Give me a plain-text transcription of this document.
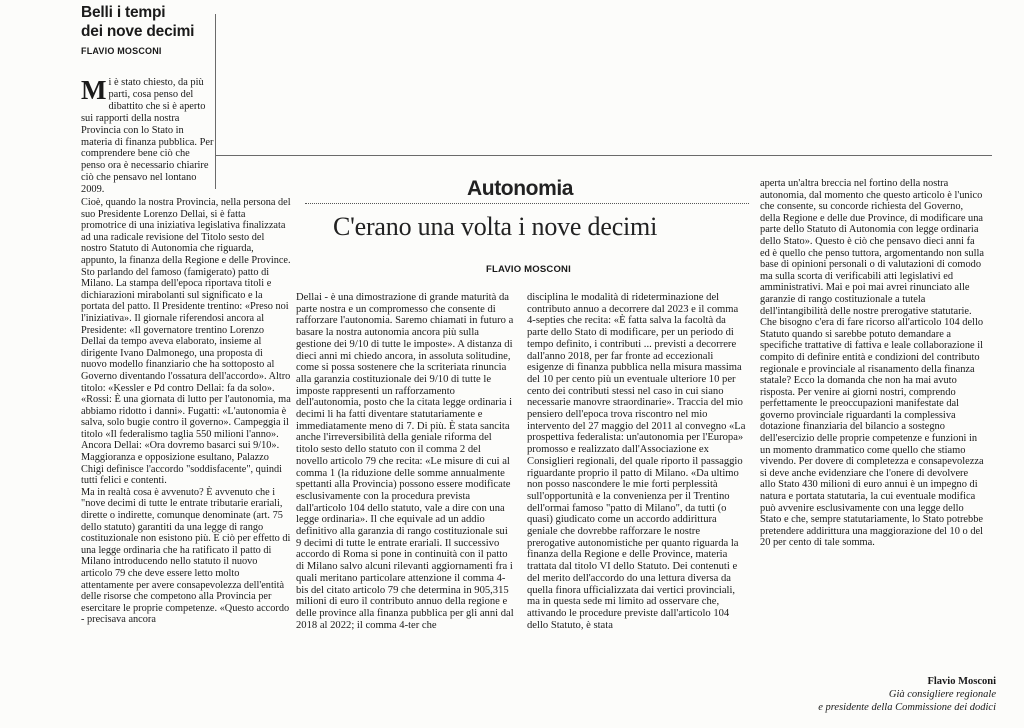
Belli i tempi
dei nove decimi
FLAVIO MOSCONI
Mi è stato chiesto, da più parti, cosa penso del dibattito che si è aperto sui rapporti della nostra Provincia con lo Stato in materia di finanza pubblica. Per comprendere bene ciò che penso ora è necessario chiarire ciò che pensavo nel lontano 2009.

Cioè, quando la nostra Provincia, nella persona del suo Presidente Lorenzo Dellai, si è fatta promotrice di una iniziativa legislativa finalizzata ad una radicale revisione del Titolo sesto del nostro Statuto di Autonomia che riguarda, appunto, la finanza della Regione e delle Province. Sto parlando del famoso (famigerato) patto di Milano. La stampa dell'epoca riportava titoli e dichiarazioni mirabolanti sul significato e la portata del patto. Il Presidente trentino: «Preso noi l'iniziativa». Il giornale riferendosi ancora al Presidente: «Il governatore trentino Lorenzo Dellai da tempo aveva elaborato, insieme al dirigente Ivano Dalmonego, una proposta di nuovo modello finanziario che ha sottoposto al Governo diventando l'ossatura dell'accordo». Altro titolo: «Kessler e Pd contro Dellai: fa da solo». «Rossi: È una giornata di lutto per l'autonomia, ma abbiamo ridotto i danni». Fugatti: «L'autonomia è salva, solo bugie contro il governo». Campeggia il titolo «Il federalismo taglia 550 milioni l'anno». Ancora Dellai: «Ora dovremo basarci sui 9/10». Maggioranza e opposizione esultano, Palazzo Chigi definisce l'accordo "soddisfacente", quindi tutti felici e contenti.

Ma in realtà cosa è avvenuto? È avvenuto che i "nove decimi di tutte le entrate tributarie erariali, dirette o indirette, comunque denominate (art. 75 dello statuto) garantiti da una legge di rango costituzionale non esistono più. E ciò per effetto di una legge ordinaria che ha ratificato il patto di Milano introducendo nello statuto il nuovo articolo 79 che deve essere letto molto attentamente per avere consapevolezza dell'entità delle risorse che competono alla Provincia per esercitare le proprie competenze. «Questo accordo - precisava ancora

Autonomia
C'erano una volta i nove decimi
FLAVIO MOSCONI
Dellai - è una dimostrazione di grande maturità da parte nostra e un compromesso che consente di rafforzare l'autonomia. Saremo chiamati in futuro a basare la nostra autonomia ancora più sulla gestione dei 9/10 di tutte le imposte». A distanza di dieci anni mi chiedo ancora, in assoluta solitudine, come si possa sostenere che la scriteriata rinuncia alla garanzia costituzionale dei 9/10 di tutte le imposte rappresenti un rafforzamento dell'autonomia, posto che la citata legge ordinaria i decimi li ha fatti diventare statutariamente e immediatamente meno di 7. Di più. È stata sancita anche l'irreversibilità della geniale riforma del titolo sesto dello statuto con il comma 2 del novello articolo 79 che recita: «Le misure di cui al comma 1 (la riduzione delle somme annualmente spettanti alla Provincia) possono essere modificate esclusivamente con la procedura prevista dall'articolo 104 dello statuto, vale a dire con una legge ordinaria». Il che equivale ad un addio definitivo alla garanzia di rango costituzionale sui 9 decimi di tutte le entrate erariali. Il successivo accordo di Roma si pone in continuità con il patto di Milano salvo alcuni rilevanti aggiornamenti fra i quali meritano particolare attenzione il comma 4-bis del citato articolo 79 che determina in 905,315 milioni di euro il contributo annuo della regione e delle province alla finanza pubblica per gli anni dal 2018 al 2022; il comma 4-ter che
disciplina le modalità di rideterminazione del contributo annuo a decorrere dal 2023 e il comma 4-septies che recita: «È fatta salva la facoltà da parte dello Stato di modificare, per un periodo di tempo definito, i contributi ... previsti a decorrere dall'anno 2018, per far fronte ad eccezionali esigenze di finanza pubblica nella misura massima del 10 per cento più un eventuale ulteriore 10 per cento dei contributi stessi nel caso in cui siano necessarie manovre straordinarie». Traccia del mio pensiero dell'epoca trova riscontro nel mio intervento del 27 maggio del 2011 al convegno «La prospettiva federalista: un'autonomia per l'Europa» promosso e realizzato dall'Associazione ex Consiglieri regionali, del quale riporto il passaggio riguardante proprio il patto di Milano. «Da ultimo non posso nascondere le mie forti perplessità sull'opportunità e la convenienza per il Trentino dell'ormai famoso "patto di Milano", da tutti (o quasi) giudicato come un accordo addirittura geniale che dovrebbe rafforzare le nostre prerogative autonomistiche per quanto riguarda la finanza della Regione e delle Province, materia trattata dal titolo VI dello Statuto. Dei contenuti e del merito dell'accordo do una lettura diversa da quella finora ufficializzata dai vertici provinciali, ma in questa sede mi limito ad osservare che, attivando le procedure previste dall'articolo 104 dello Statuto, è stata
aperta un'altra breccia nel fortino della nostra autonomia, dal momento che questo articolo è l'unico che consente, su concorde richiesta del Governo, della Regione e delle due Province, di modificare una parte dello Statuto di Autonomia con legge ordinaria dello Stato». Questo è ciò che pensavo dieci anni fa ed è quello che penso tuttora, argomentando non sulla base di opinioni personali o di valutazioni di comodo ma sulla scorta di verificabili atti legislativi ed amministrativi. Mai e poi mai avrei rinunciato alle garanzie di rango costituzionale a tutela dell'intangibilità delle nostre prerogative statutarie. Che bisogno c'era di fare ricorso all'articolo 104 dello Statuto quando si sarebbe potuto demandare a specifiche trattative di fattiva e leale collaborazione il compito di definire entità e condizioni del contributo regionale e provinciale al risanamento della finanza statale? Ecco la domanda che non ha mai avuto risposta. Per venire ai giorni nostri, comprendo perfettamente le preoccupazioni manifestate dal governo provinciale riguardanti la complessiva dotazione finanziaria del bilancio a sostegno dell'esercizio delle proprie competenze e funzioni in un momento drammatico come quello che stiamo vivendo. Per dovere di completezza e consapevolezza si deve anche evidenziare che l'onere di devolvere allo Stato 430 milioni di euro annui è un impegno di natura e portata statutaria, la cui eventuale modifica può avvenire esclusivamente con una legge dello Stato e che, sempre statutariamente, lo Stato potrebbe pretendere addirittura una maggiorazione del 10 o del 20 per cento di tale somma.
Flavio Mosconi
Già consigliere regionale
e presidente della Commissione dei dodici
